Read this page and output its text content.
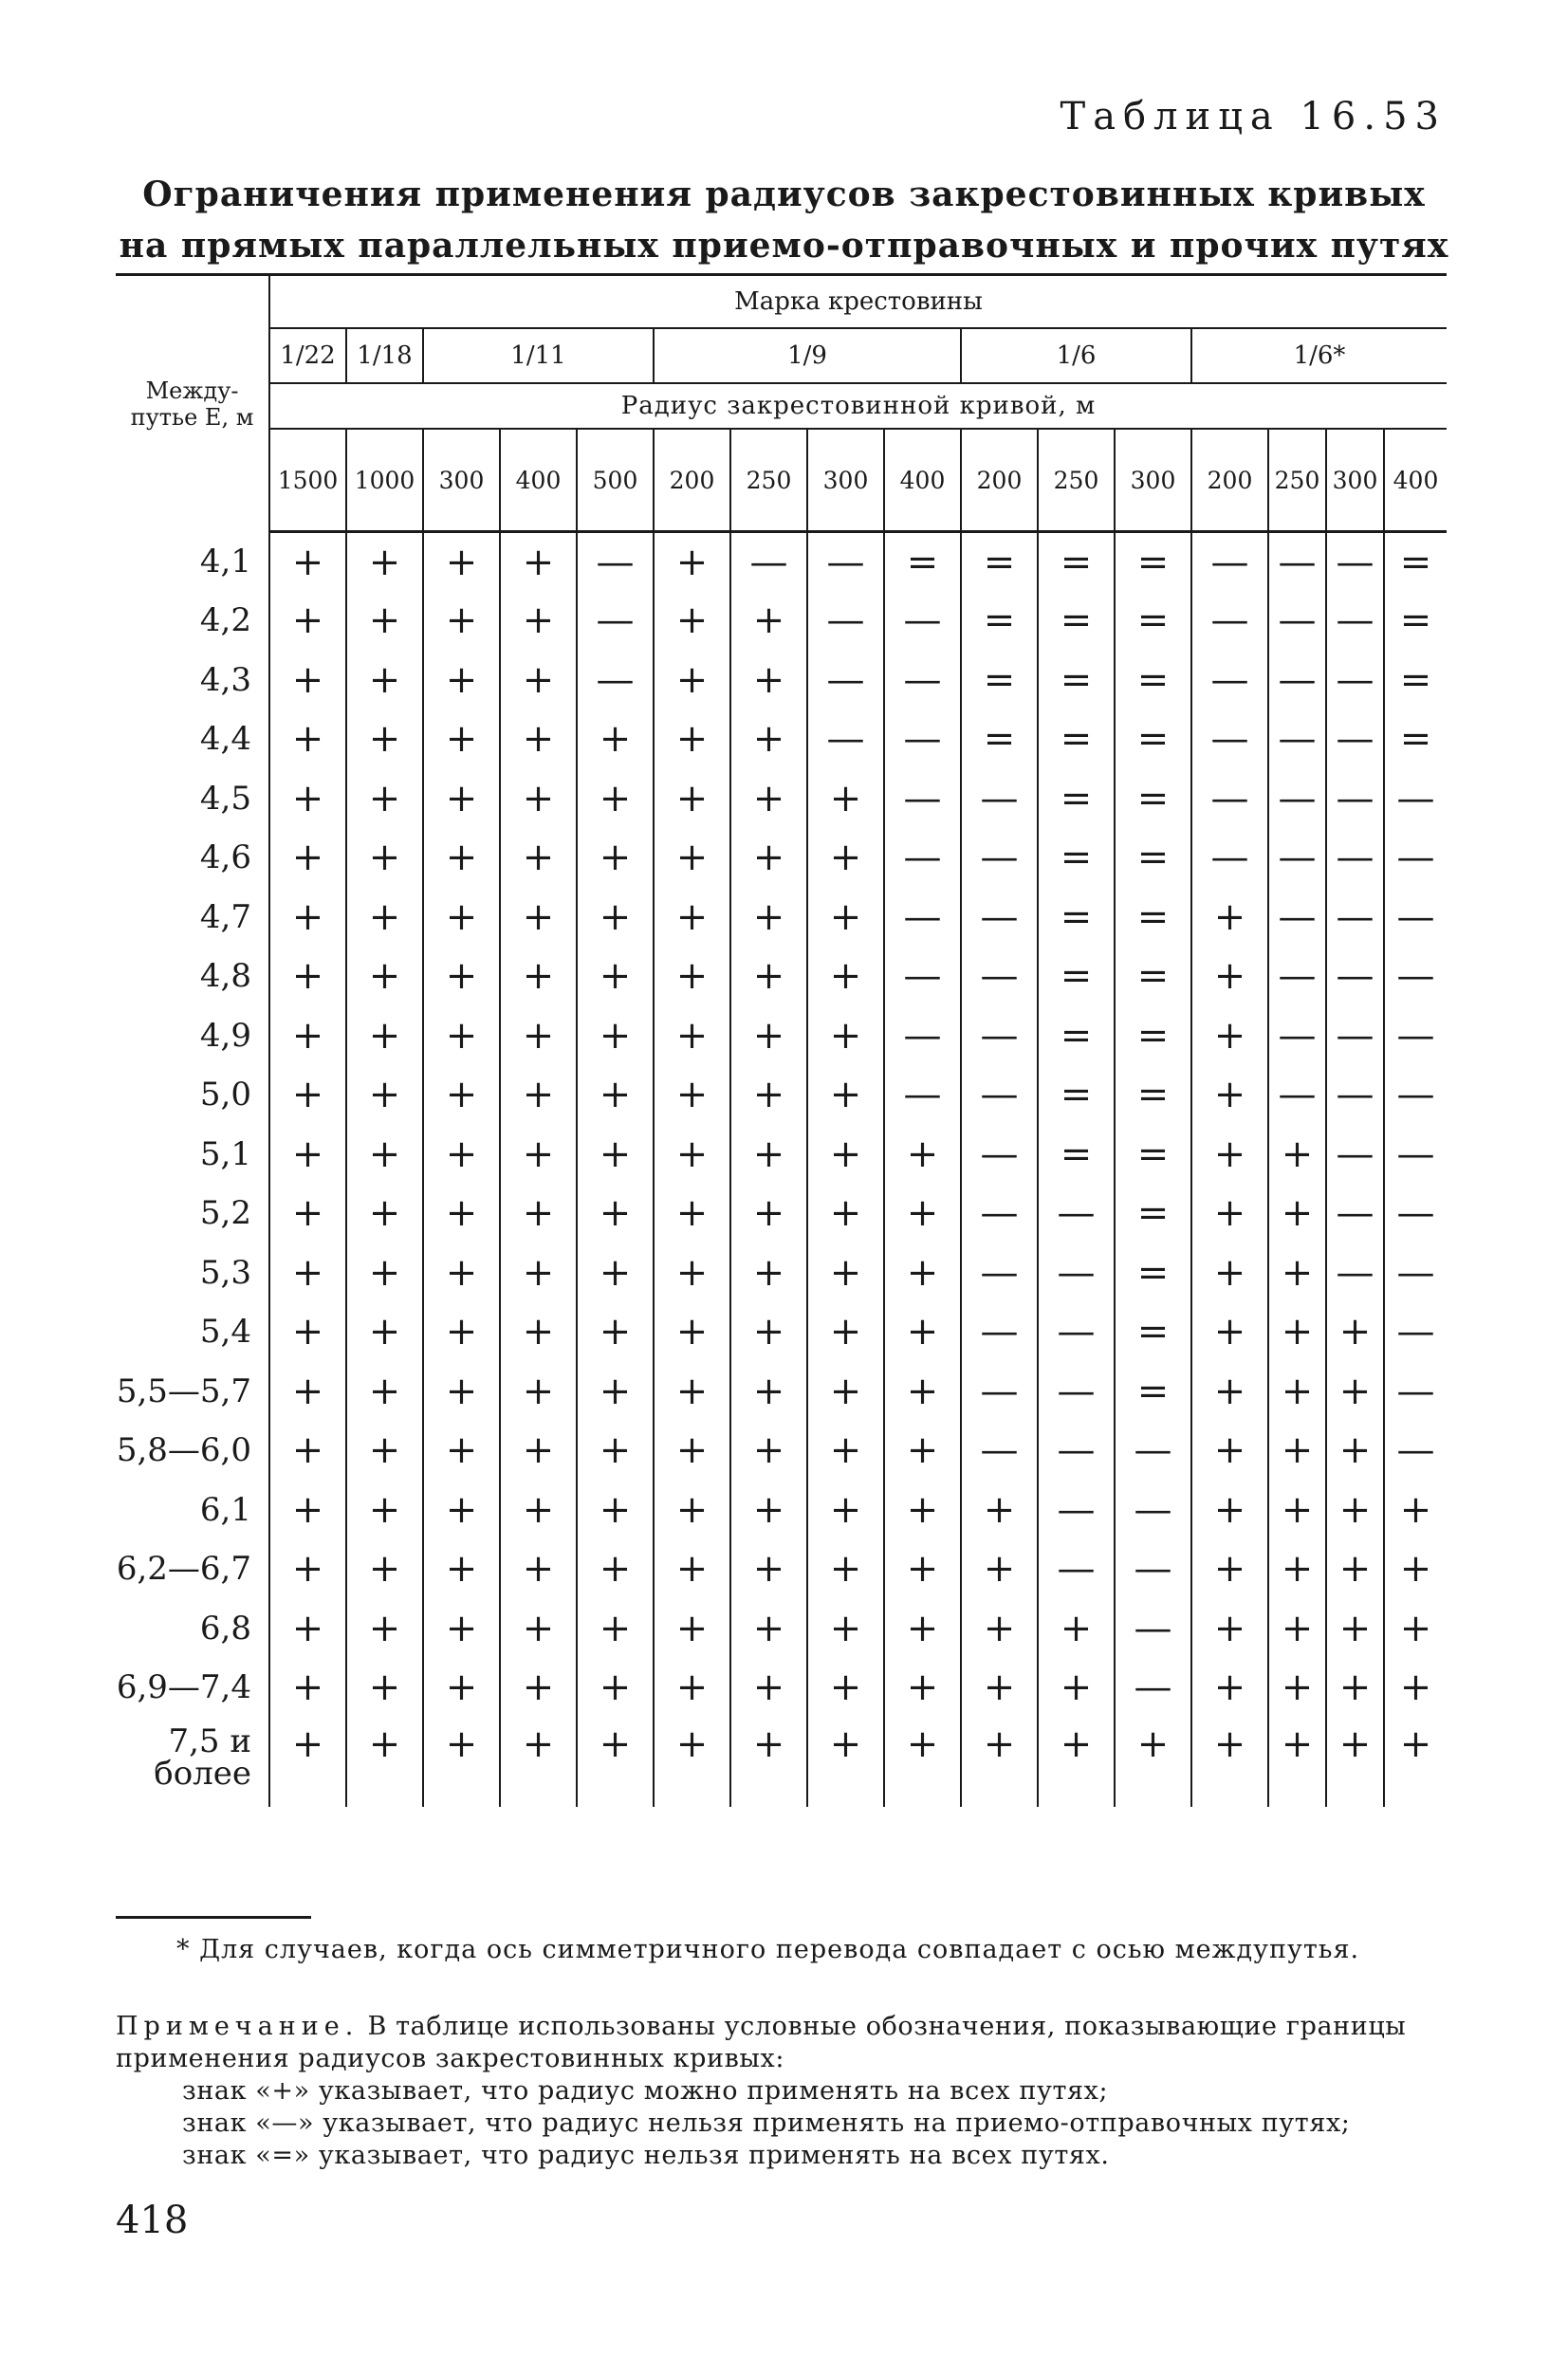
Таблица 16.53
Ограничения применения радиусов закрестовинных кривых
на прямых параллельных приемо-отправочных и прочих путях
Между-
путье E, м	Марка крестовины															
	1/22	1/18	1/11			1/9				1/6			1/6*			
	Радиус закрестовинной кривой, м															
	1500	1000	300	400	500	200	250	300	400	200	250	300	200	250	300	400
4,1	+	+	+	+	—	+	—	—	=	=	=	=	—	—	—	=
4,2	+	+	+	+	—	+	+	—	—	=	=	=	—	—	—	=
4,3	+	+	+	+	—	+	+	—	—	=	=	=	—	—	—	=
4,4	+	+	+	+	+	+	+	—	—	=	=	=	—	—	—	=
4,5	+	+	+	+	+	+	+	+	—	—	=	=	—	—	—	—
4,6	+	+	+	+	+	+	+	+	—	—	=	=	—	—	—	—
4,7	+	+	+	+	+	+	+	+	—	—	=	=	+	—	—	—
4,8	+	+	+	+	+	+	+	+	—	—	=	=	+	—	—	—
4,9	+	+	+	+	+	+	+	+	—	—	=	=	+	—	—	—
5,0	+	+	+	+	+	+	+	+	—	—	=	=	+	—	—	—
5,1	+	+	+	+	+	+	+	+	+	—	=	=	+	+	—	—
5,2	+	+	+	+	+	+	+	+	+	—	—	=	+	+	—	—
5,3	+	+	+	+	+	+	+	+	+	—	—	=	+	+	—	—
5,4	+	+	+	+	+	+	+	+	+	—	—	=	+	+	+	—
5,5—5,7	+	+	+	+	+	+	+	+	+	—	—	=	+	+	+	—
5,8—6,0	+	+	+	+	+	+	+	+	+	—	—	—	+	+	+	—
6,1	+	+	+	+	+	+	+	+	+	+	—	—	+	+	+	+
6,2—6,7	+	+	+	+	+	+	+	+	+	+	—	—	+	+	+	+
6,8	+	+	+	+	+	+	+	+	+	+	+	—	+	+	+	+
6,9—7,4	+	+	+	+	+	+	+	+	+	+	+	—	+	+	+	+
7,5 и более	+	+	+	+	+	+	+	+	+	+	+	+	+	+	+	+
* Для случаев, когда ось симметричного перевода совпадает с осью междупутья.
Примечание. В таблице использованы условные обозначения, показывающие границы применения радиусов закрестовинных кривых:
знак «+» указывает, что радиус можно применять на всех путях;
знак «—» указывает, что радиус нельзя применять на приемо-отправочных путях;
знак «=» указывает, что радиус нельзя применять на всех путях.
418
